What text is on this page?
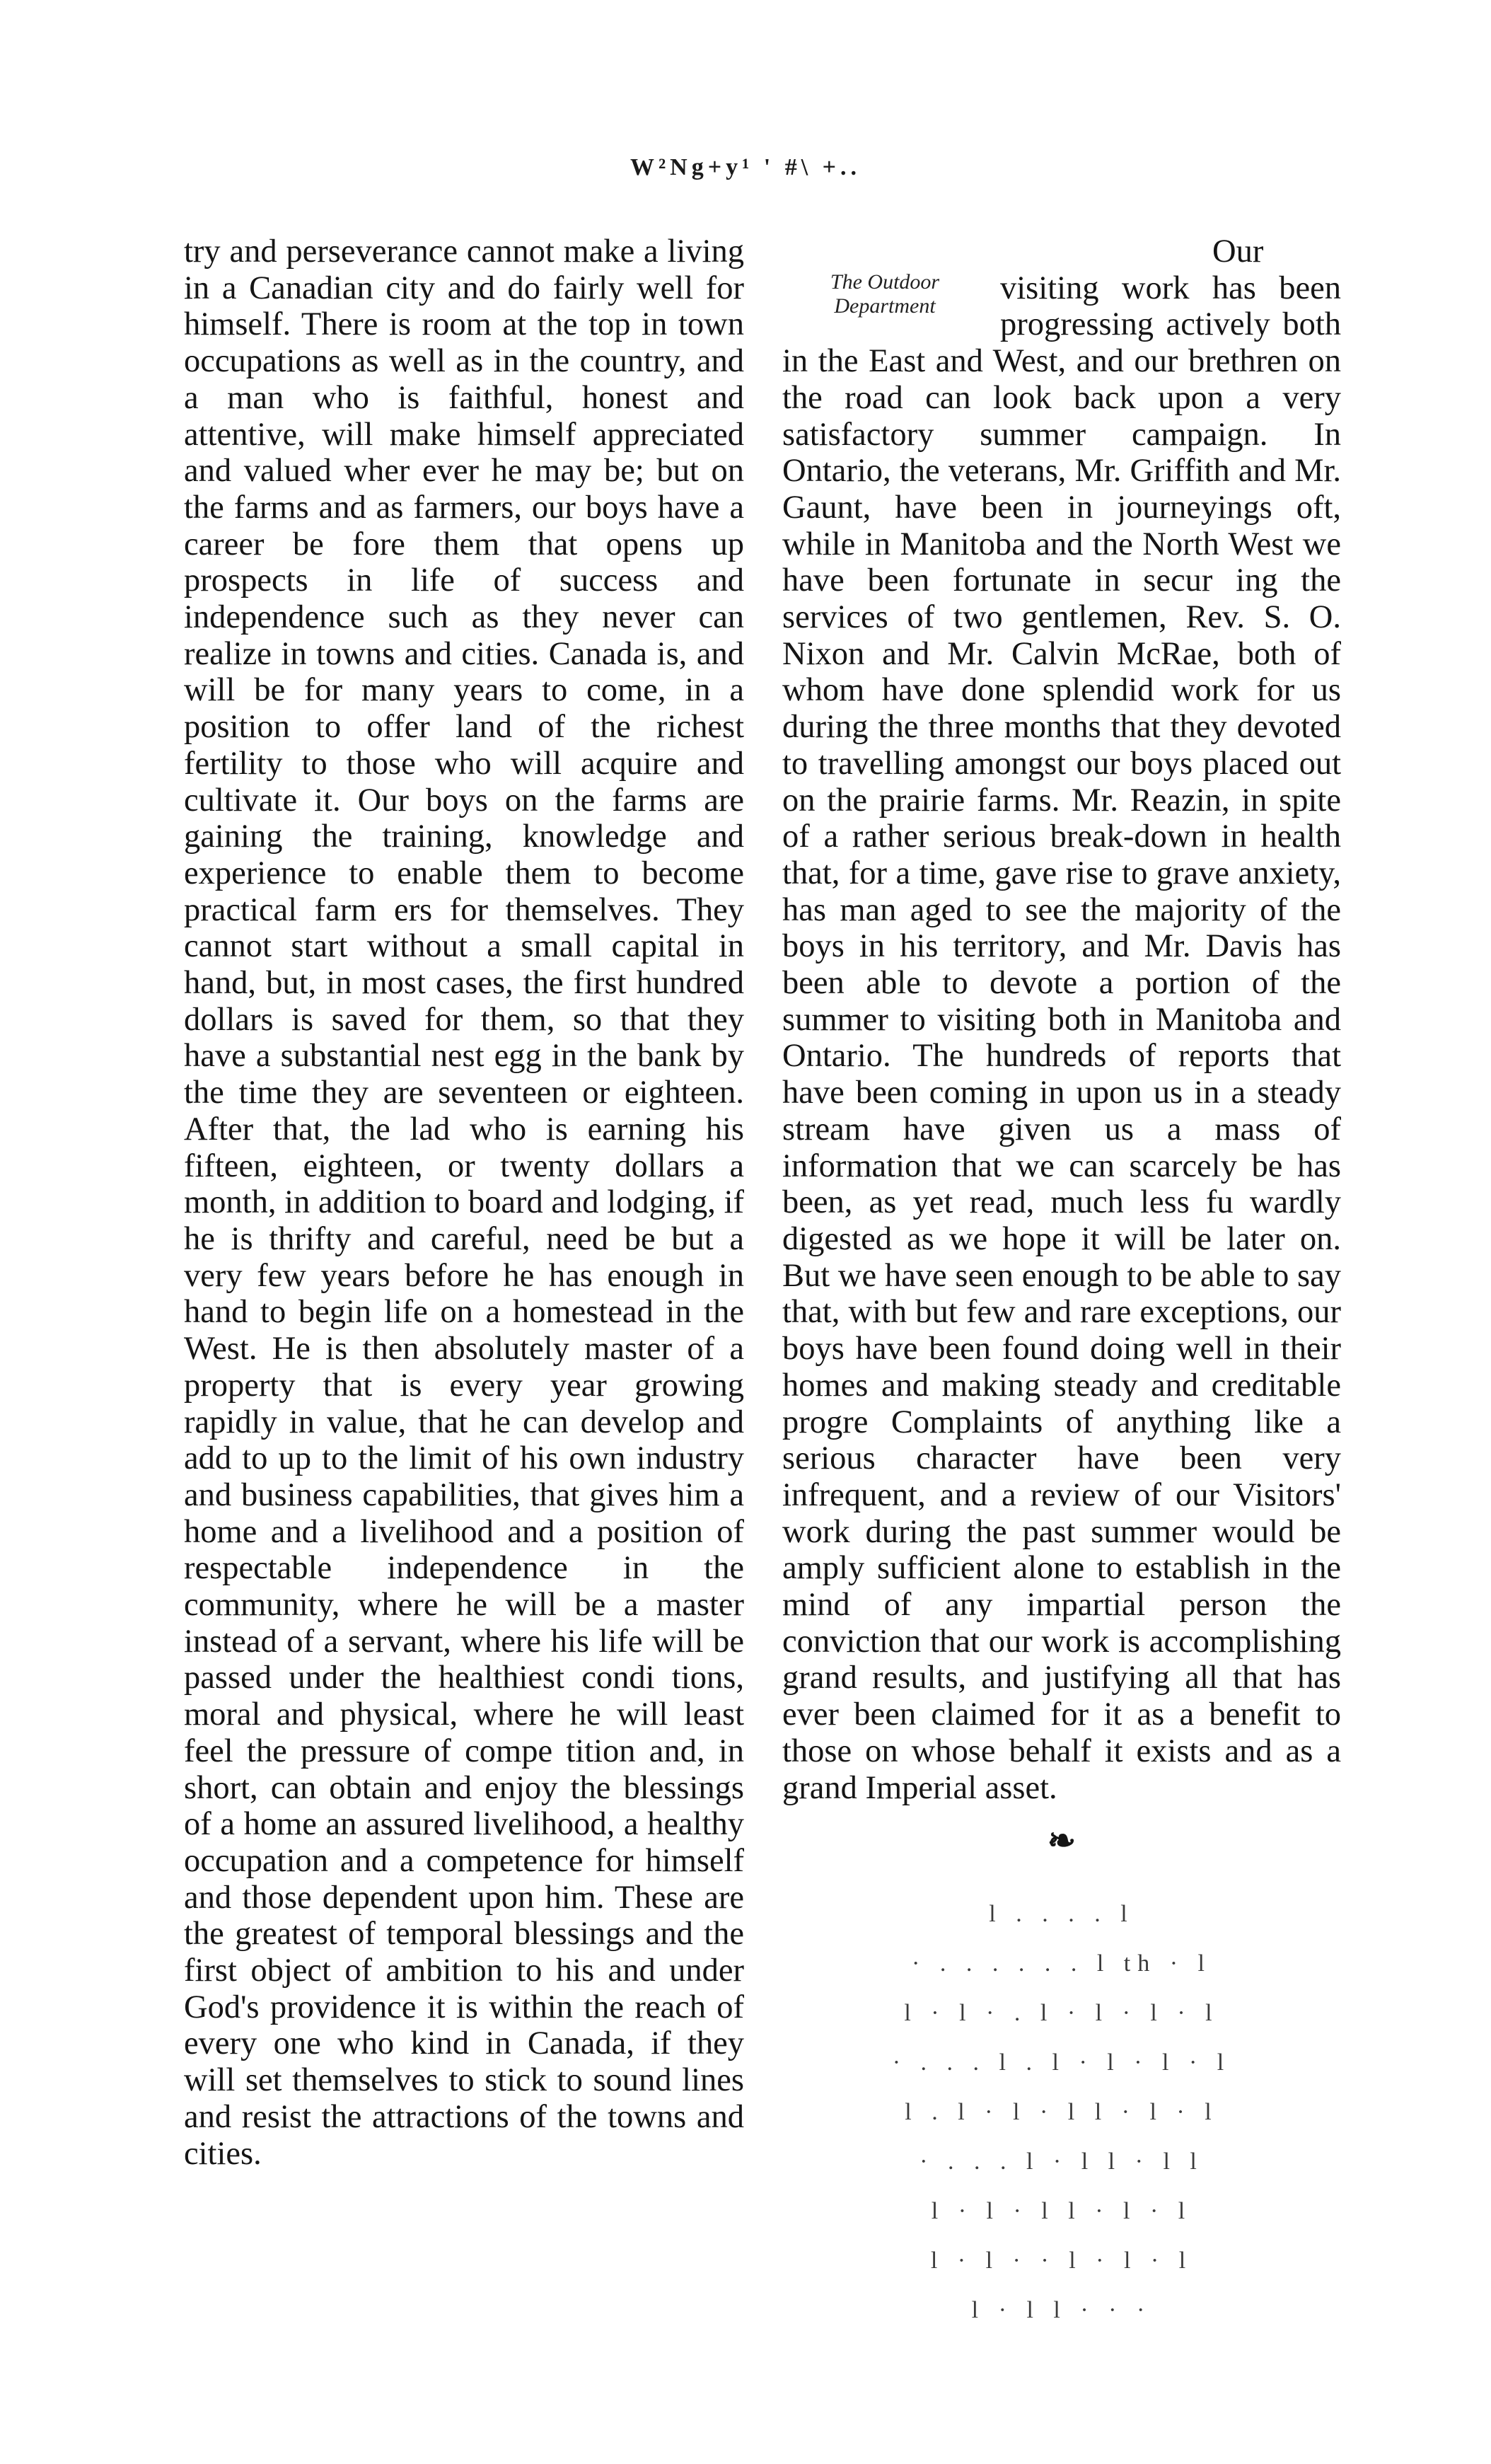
W²Ng+y¹ ' #\ +..

try and perseverance cannot make a living in a Canadian city and do fairly well for himself. There is room at the top in town occupations as well as in the country, and a man who is faithful, honest and attentive, will make himself appreciated and valued wher ever he may be; but on the farms and as farmers, our boys have a career be fore them that opens up prospects in life of success and independence such as they never can realize in towns and cities. Canada is, and will be for many years to come, in a position to offer land of the richest fertility to those who will acquire and cultivate it. Our boys on the farms are gaining the training, knowledge and experience to enable them to become practical farm ers for themselves. They cannot start without a small capital in hand, but, in most cases, the first hundred dollars is saved for them, so that they have a substantial nest egg in the bank by the time they are seventeen or eighteen. After that, the lad who is earning his fifteen, eighteen, or twenty dollars a month, in addition to board and lodging, if he is thrifty and careful, need be but a very few years before he has enough in hand to begin life on a homestead in the West. He is then absolutely master of a property that is every year growing rapidly in value, that he can develop and add to up to the limit of his own industry and business capabilities, that gives him a home and a livelihood and a position of respectable independence in the community, where he will be a master instead of a servant, where his life will be passed under the healthiest condi tions, moral and physical, where he will least feel the pressure of compe tition and, in short, can obtain and enjoy the blessings of a home an assured livelihood, a healthy occupation and a competence for himself and those dependent upon him. These are the greatest of temporal blessings and the first object of ambition to his and under God's providence it is within the reach of every one who kind in Canada, if they will set themselves to stick to sound lines and resist the attractions of the towns and cities.

The Outdoor
Department

Our visiting work has been progressing actively both in the East and West, and our brethren on the road can look back upon a very satisfactory summer campaign. In Ontario, the veterans, Mr. Griffith and Mr. Gaunt, have been in journeyings oft, while in Manitoba and the North West we have been fortunate in secur ing the services of two gentlemen, Rev. S. O. Nixon and Mr. Calvin McRae, both of whom have done splendid work for us during the three months that they devoted to travelling amongst our boys placed out on the prairie farms. Mr. Reazin, in spite of a rather serious break-down in health that, for a time, gave rise to grave anxiety, has man aged to see the majority of the boys in his territory, and Mr. Davis has been able to devote a portion of the summer to visiting both in Manitoba and Ontario. The hundreds of reports that have been coming in upon us in a steady stream have given us a mass of information that we can scarcely be has been, as yet read, much less fu wardly digested as we hope it will be later on. But we have seen enough to be able to say that, with but few and rare exceptions, our boys have been found doing well in their homes and making steady and creditable progre Complaints of anything like a serious character have been very infrequent, and a review of our Visitors' work during the past summer would be amply sufficient alone to establish in the mind of any impartial person the conviction that our work is accomplishing grand results, and justifying all that has ever been claimed for it as a benefit to those on whose behalf it exists and as a grand Imperial asset.

❧
l . . . . l
· . . . . . . l th · l
l · l · . l · l · l · l
· . . . l . l · l · l · l
l . l · l · l l · l · l
· . . . l · l l · l l
l · l · l l · l · l
l · l · · l · l · l
l · l l · · ·
